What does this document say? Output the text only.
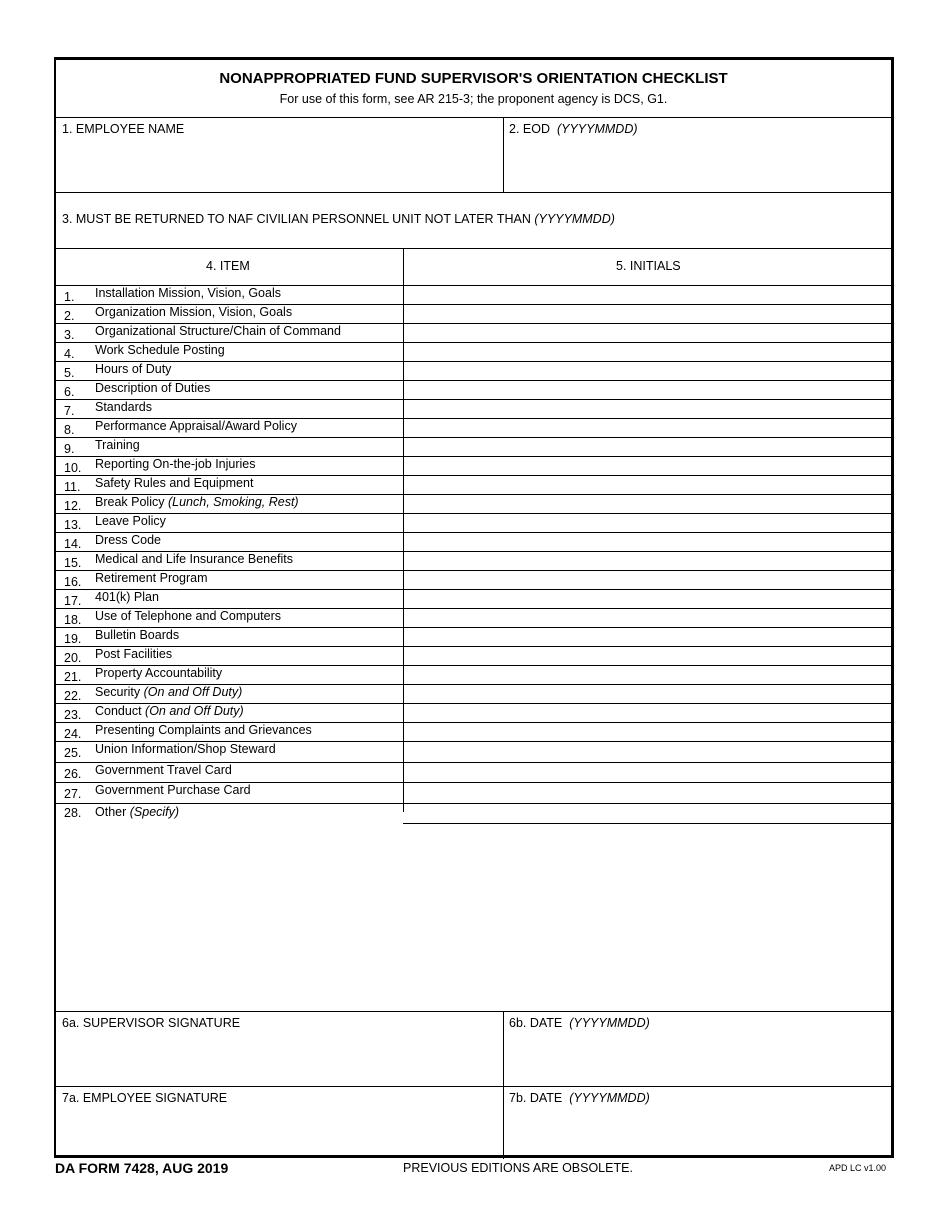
NONAPPROPRIATED FUND SUPERVISOR'S ORIENTATION CHECKLIST
For use of this form, see AR 215-3; the proponent agency is DCS, G1.
1. EMPLOYEE NAME	2. EOD (YYYYMMDD)
3. MUST BE RETURNED TO NAF CIVILIAN PERSONNEL UNIT NOT LATER THAN (YYYYMMDD)
4. ITEM	5. INITIALS
1. Installation Mission, Vision, Goals
2. Organization Mission, Vision, Goals
3. Organizational Structure/Chain of Command
4. Work Schedule Posting
5. Hours of Duty
6. Description of Duties
7. Standards
8. Performance Appraisal/Award Policy
9. Training
10. Reporting On-the-job Injuries
11. Safety Rules and Equipment
12. Break Policy (Lunch, Smoking, Rest)
13. Leave Policy
14. Dress Code
15. Medical and Life Insurance Benefits
16. Retirement Program
17. 401(k) Plan
18. Use of Telephone and Computers
19. Bulletin Boards
20. Post Facilities
21. Property Accountability
22. Security (On and Off Duty)
23. Conduct (On and Off Duty)
24. Presenting Complaints and Grievances
25. Union Information/Shop Steward
26. Government Travel Card
27. Government Purchase Card
28. Other (Specify)
6a. SUPERVISOR SIGNATURE	6b. DATE (YYYYMMDD)
7a. EMPLOYEE SIGNATURE	7b. DATE (YYYYMMDD)
DA FORM 7428, AUG 2019	PREVIOUS EDITIONS ARE OBSOLETE.	APD LC v1.00
